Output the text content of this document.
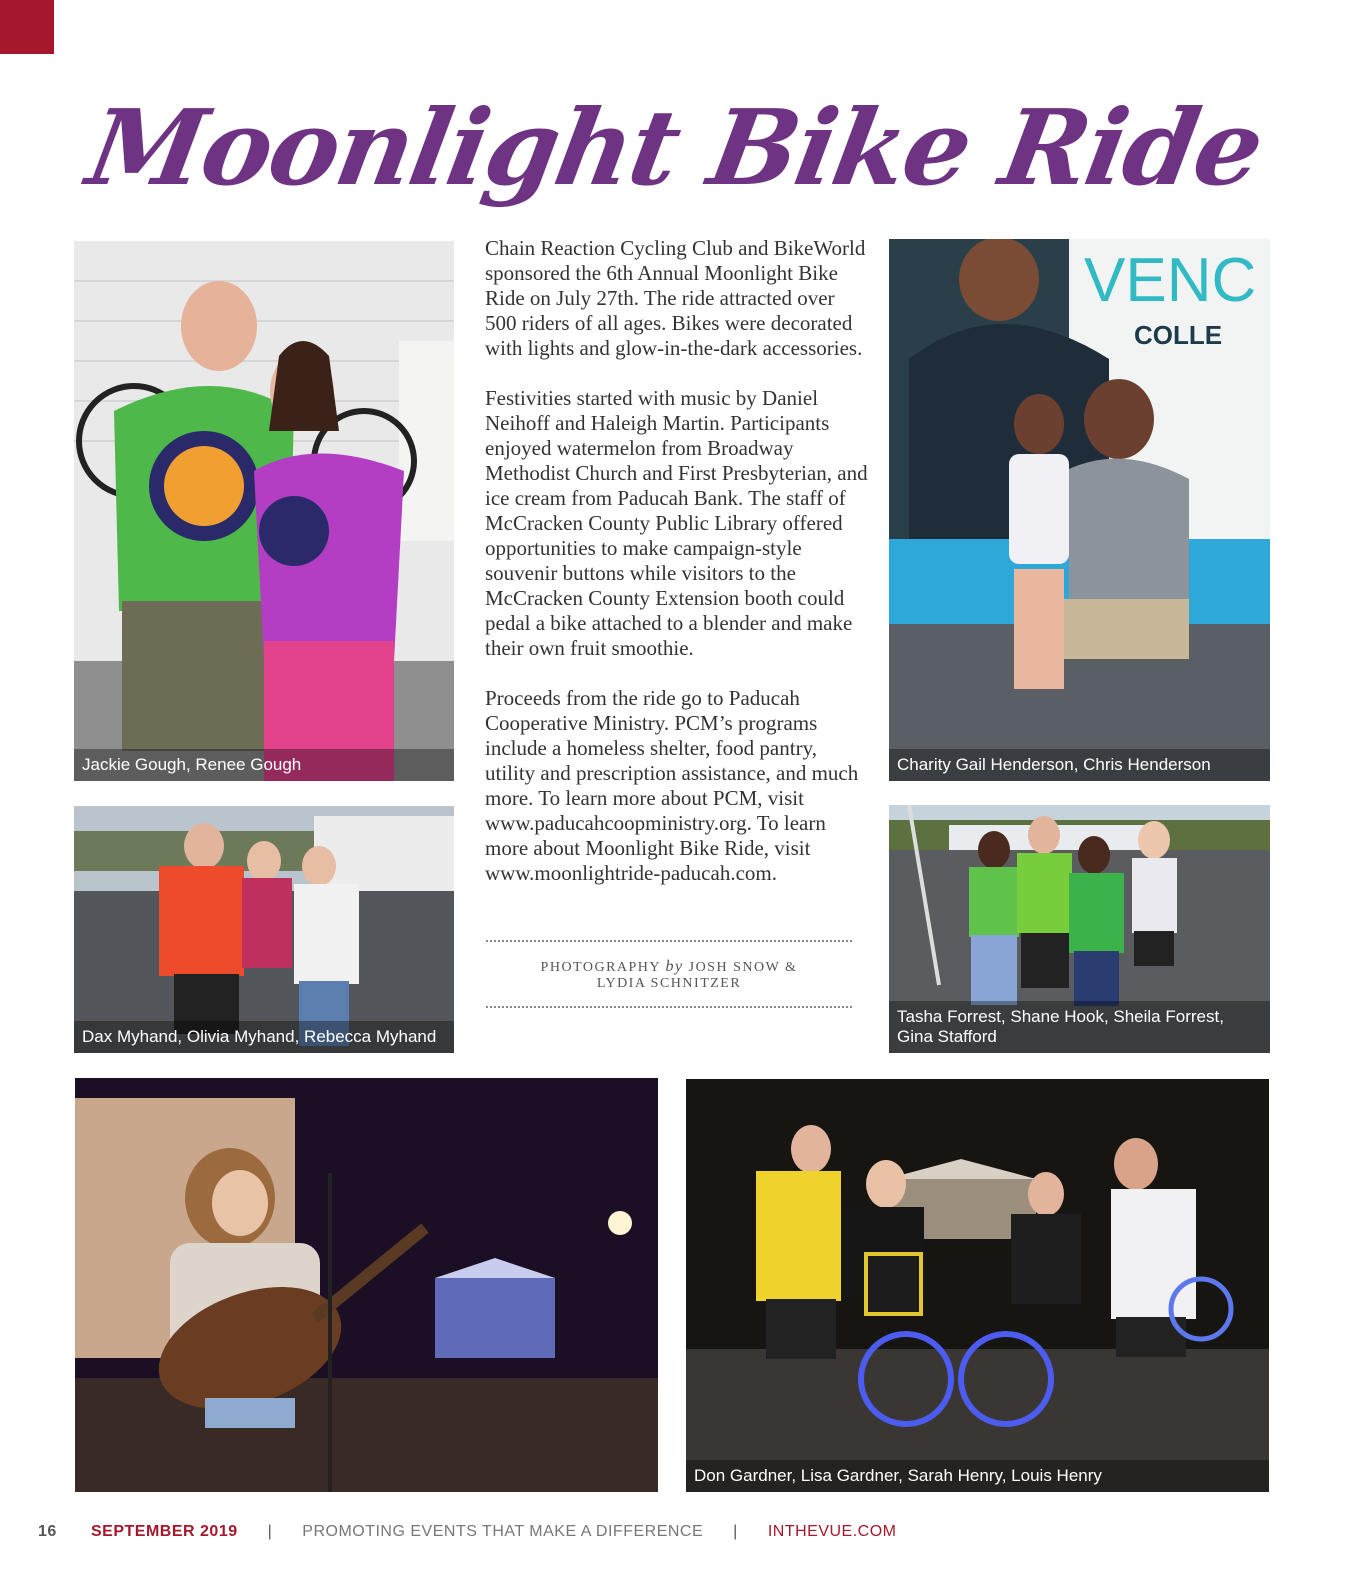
Moonlight Bike Ride
Jackie Gough, Renee Gough
VENC
COLLE
Charity Gail Henderson, Chris Henderson
Dax Myhand, Olivia Myhand, Rebecca Myhand
Tasha Forrest, Shane Hook, Sheila Forrest, Gina Stafford
Don Gardner, Lisa Gardner, Sarah Henry, Louis Henry

Chain Reaction Cycling Club and BikeWorld sponsored the 6th Annual Moonlight Bike Ride on July 27th. The ride attracted over 500 riders of all ages. Bikes were decorated with lights and glow-in-the-dark accessories.

Festivities started with music by Daniel Neihoff and Haleigh Martin. Participants enjoyed watermelon from Broadway Methodist Church and First Presbyterian, and ice cream from Paducah Bank. The staff of McCracken County Public Library offered opportunities to make campaign-style souvenir buttons while visitors to the McCracken County Extension booth could pedal a bike attached to a blender and make their own fruit smoothie.

Proceeds from the ride go to Paducah Cooperative Ministry. PCM’s programs include a homeless shelter, food pantry, utility and prescription assistance, and much more. To learn more about PCM, visit www.paducahcoopministry.org. To learn more about Moonlight Bike Ride, visit www.moonlightride-paducah.com.

PHOTOGRAPHY by JOSH SNOW &
LYDIA SCHNITZER
16	SEPTEMBER 2019 | PROMOTING EVENTS THAT MAKE A DIFFERENCE | INTHEVUE.COM
